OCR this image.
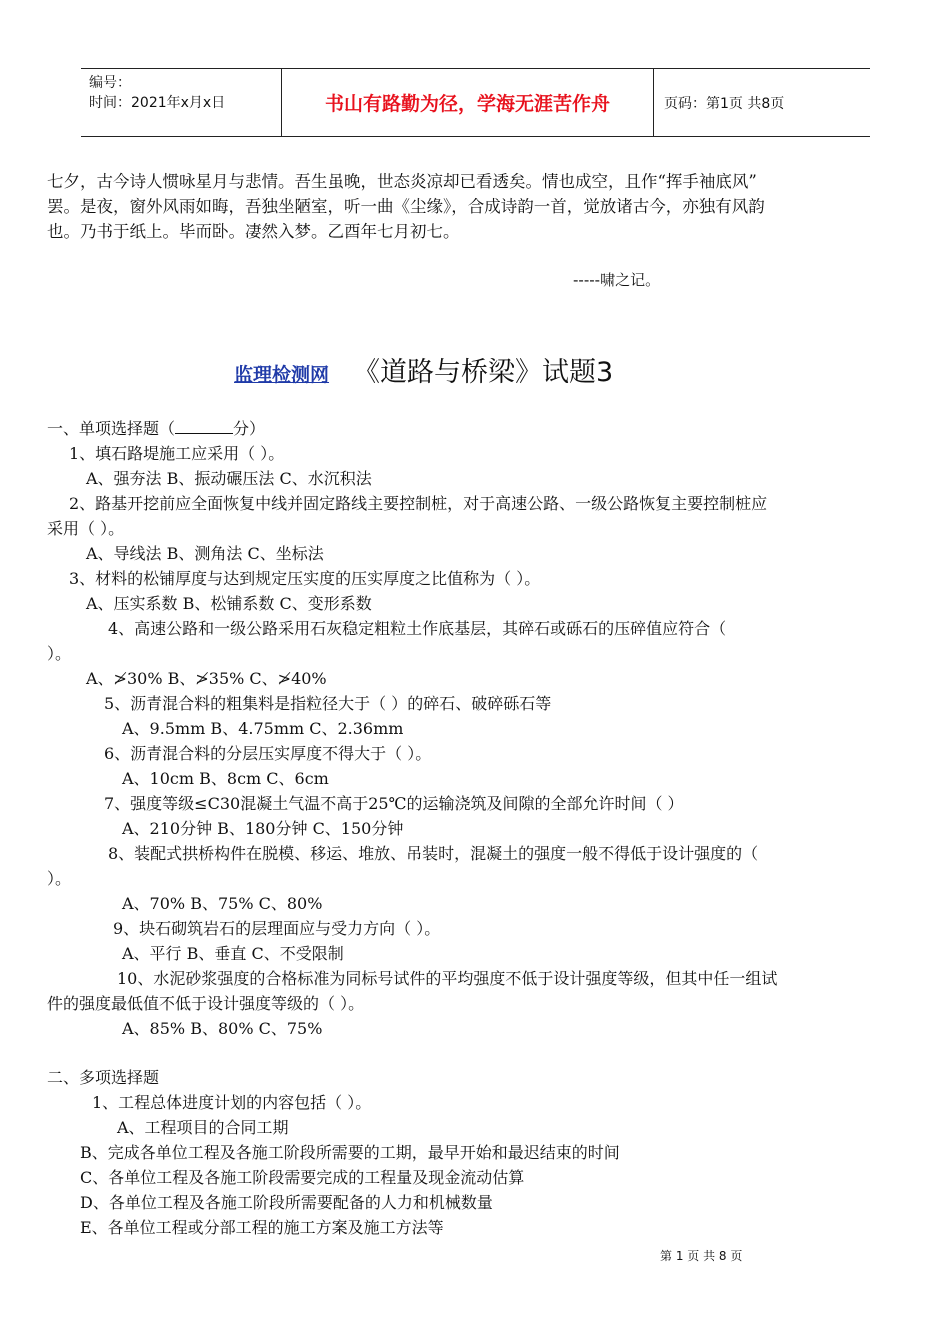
编号：
时间：2021年x月x日	书山有路勤为径，学海无涯苦作舟	页码：第1页 共8页
七夕，古今诗人惯咏星月与悲情。吾生虽晚，世态炎凉却已看透矣。情也成空，且作“挥手袖底风”
罢。是夜，窗外风雨如晦，吾独坐陋室，听一曲《尘缘》，合成诗韵一首，觉放诸古今，亦独有风韵
也。乃书于纸上。毕而卧。凄然入梦。乙酉年七月初七。
-----啸之记。
监理检测网 《道路与桥梁》试题3
一、单项选择题（	分）
1、填石路堤施工应采用（ ）。
A、强夯法 B、振动碾压法 C、水沉积法
2、路基开挖前应全面恢复中线并固定路线主要控制桩，对于高速公路、一级公路恢复主要控制桩应
采用（ ）。
A、导线法 B、测角法 C、坐标法
3、材料的松铺厚度与达到规定压实度的压实厚度之比值称为（ ）。
A、压实系数 B、松铺系数 C、变形系数
4、高速公路和一级公路采用石灰稳定粗粒土作底基层，其碎石或砾石的压碎值应符合（
）。
A、≯30% B、≯35% C、≯40%
5、沥青混合料的粗集料是指粒径大于（ ）的碎石、破碎砾石等
A、9.5mm B、4.75mm C、2.36mm
6、沥青混合料的分层压实厚度不得大于（ ）。
A、10cm B、8cm C、6cm
7、强度等级≤C30混凝土气温不高于25℃的运输浇筑及间隙的全部允许时间（ ）
A、210分钟 B、180分钟 C、150分钟
8、装配式拱桥构件在脱模、移运、堆放、吊装时，混凝土的强度一般不得低于设计强度的（
）。
A、70% B、75% C、80%
9、块石砌筑岩石的层理面应与受力方向（ ）。
A、平行 B、垂直 C、不受限制
10、水泥砂浆强度的合格标准为同标号试件的平均强度不低于设计强度等级，但其中任一组试
件的强度最低值不低于设计强度等级的（ ）。
A、85% B、80% C、75%
二、多项选择题
1、工程总体进度计划的内容包括（ ）。
A、工程项目的合同工期
B、完成各单位工程及各施工阶段所需要的工期，最早开始和最迟结束的时间
C、各单位工程及各施工阶段需要完成的工程量及现金流动估算
D、各单位工程及各施工阶段所需要配备的人力和机械数量
E、各单位工程或分部工程的施工方案及施工方法等
第 1 页 共 8 页
